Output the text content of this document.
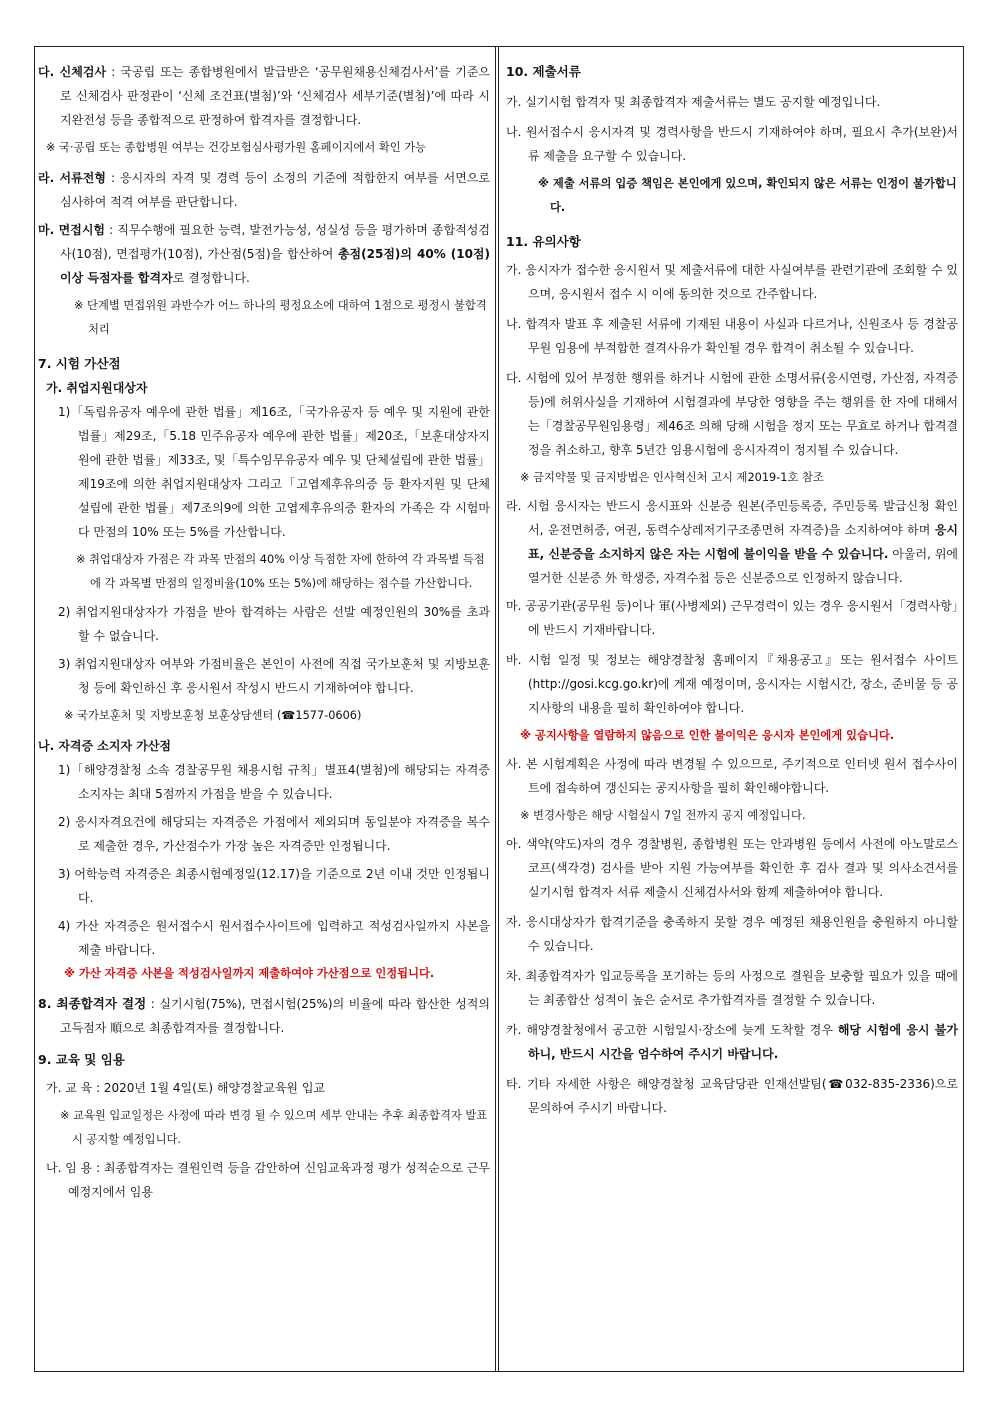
다. 신체검사 : 국공립 또는 종합병원에서 발급받은 ‘공무원채용신체검사서’를 기준으로 신체검사 판정관이 ‘신체 조건표(별첨)’와 ‘신체검사 세부기준(별첨)’에 따라 시지완전성 등을 종합적으로 판정하여 합격자를 결정합니다.

※ 국·공립 또는 종합병원 여부는 건강보험심사평가원 홈페이지에서 확인 가능

라. 서류전형 : 응시자의 자격 및 경력 등이 소정의 기준에 적합한지 여부를 서면으로 심사하여 적격 여부를 판단합니다.

마. 면접시험 : 직무수행에 필요한 능력, 발전가능성, 성실성 등을 평가하며 종합적성검사(10점), 면접평가(10점), 가산점(5점)을 합산하여 총점(25점)의 40% (10점)이상 득점자를 합격자로 결정합니다.

※ 단계별 면접위원 과반수가 어느 하나의 평정요소에 대하여 1점으로 평정시 불합격처리

7. 시험 가산점

가. 취업지원대상자

1)「독립유공자 예우에 관한 법률」제16조,「국가유공자 등 예우 및 지원에 관한 법률」제29조,「5.18 민주유공자 예우에 관한 법률」제20조,「보훈대상자지원에 관한 법률」제33조, 및「특수임무유공자 예우 및 단체설립에 관한 법률」제19조에 의한 취업지원대상자 그리고「고엽제후유의증 등 환자지원 및 단체설립에 관한 법률」제7조의9에 의한 고엽제후유의증 환자의 가족은 각 시험마다 만점의 10% 또는 5%를 가산합니다.

※ 취업대상자 가점은 각 과목 만점의 40% 이상 득점한 자에 한하여 각 과목별 득점에 각 과목별 만점의 일정비율(10% 또는 5%)에 해당하는 점수를 가산합니다.

2) 취업지원대상자가 가점을 받아 합격하는 사람은 선발 예정인원의 30%를 초과할 수 없습니다.

3) 취업지원대상자 여부와 가점비율은 본인이 사전에 직접 국가보훈처 및 지방보훈청 등에 확인하신 후 응시원서 작성시 반드시 기재하여야 합니다.

※ 국가보훈처 및 지방보훈청 보훈상담센터 (☎1577-0606)

나. 자격증 소지자 가산점

1)「해양경찰청 소속 경찰공무원 채용시험 규칙」별표4(별첨)에 해당되는 자격증 소지자는 최대 5점까지 가점을 받을 수 있습니다.

2) 응시자격요건에 해당되는 자격증은 가점에서 제외되며 동일분야 자격증을 복수로 제출한 경우, 가산점수가 가장 높은 자격증만 인정됩니다.

3) 어학능력 자격증은 최종시험예정일(12.17)을 기준으로 2년 이내 것만 인정됩니다.

4) 가산 자격증은 원서접수시 원서접수사이트에 입력하고 적성검사일까지 사본을 제출 바랍니다.

※ 가산 자격증 사본을 적성검사일까지 제출하여야 가산점으로 인정됩니다.

8. 최종합격자 결정 : 실기시험(75%), 면접시험(25%)의 비율에 따라 합산한 성적의 고득점자 順으로 최종합격자를 결정합니다.

9. 교육 및 임용

가. 교 육 : 2020년 1월 4일(토) 해양경찰교육원 입교

※ 교육원 입교일정은 사정에 따라 변경 될 수 있으며 세부 안내는 추후 최종합격자 발표시 공지할 예정입니다.

나. 임 용 : 최종합격자는 결원인력 등을 감안하여 신임교육과정 평가 성적순으로 근무예정지에서 임용

10. 제출서류

가. 실기시험 합격자 및 최종합격자 제출서류는 별도 공지할 예정입니다.

나. 원서접수시 응시자격 및 경력사항을 반드시 기재하여야 하며, 필요시 추가(보완)서류 제출을 요구할 수 있습니다.

※ 제출 서류의 입증 책임은 본인에게 있으며, 확인되지 않은 서류는 인정이 불가합니다.

11. 유의사항

가. 응시자가 접수한 응시원서 및 제출서류에 대한 사실여부를 관련기관에 조회할 수 있으며, 응시원서 접수 시 이에 동의한 것으로 간주합니다.

나. 합격자 발표 후 제출된 서류에 기재된 내용이 사실과 다르거나, 신원조사 등 경찰공무원 임용에 부적합한 결격사유가 확인될 경우 합격이 취소될 수 있습니다.

다. 시험에 있어 부정한 행위를 하거나 시험에 관한 소명서류(응시연령, 가산점, 자격증 등)에 허위사실을 기재하여 시험결과에 부당한 영향을 주는 행위를 한 자에 대해서는「경찰공무원임용령」제46조 의해 당해 시험을 정지 또는 무효로 하거나 합격결정을 취소하고, 향후 5년간 임용시험에 응시자격이 정지될 수 있습니다.

※ 금지약물 및 금지방법은 인사혁신처 고시 제2019-1호 참조

라. 시험 응시자는 반드시 응시표와 신분증 원본(주민등록증, 주민등록 발급신청 확인서, 운전면허증, 여권, 동력수상레저기구조종면허 자격증)을 소지하여야 하며 응시표, 신분증을 소지하지 않은 자는 시험에 불이익을 받을 수 있습니다. 아울러, 위에 열거한 신분증 外 학생증, 자격수첩 등은 신분증으로 인정하지 않습니다.

마. 공공기관(공무원 등)이나 軍(사병제외) 근무경력이 있는 경우 응시원서「경력사항」에 반드시 기재바랍니다.

바. 시험 일정 및 정보는 해양경찰청 홈페이지『채용공고』또는 원서접수 사이트(http://gosi.kcg.go.kr)에 게재 예정이며, 응시자는 시험시간, 장소, 준비물 등 공지사항의 내용을 필히 확인하여야 합니다.

※ 공지사항을 열람하지 않음으로 인한 불이익은 응시자 본인에게 있습니다.

사. 본 시험계획은 사정에 따라 변경될 수 있으므로, 주기적으로 인터넷 원서 접수사이트에 접속하여 갱신되는 공지사항을 필히 확인해야합니다.

※ 변경사항은 해당 시험실시 7일 전까지 공지 예정입니다.

아. 색약(약도)자의 경우 경찰병원, 종합병원 또는 안과병원 등에서 사전에 아노말로스코프(색각경) 검사를 받아 지원 가능여부를 확인한 후 검사 결과 및 의사소견서를 실기시험 합격자 서류 제출시 신체검사서와 함께 제출하여야 합니다.

자. 응시대상자가 합격기준을 충족하지 못할 경우 예정된 채용인원을 충원하지 아니할 수 있습니다.

차. 최종합격자가 입교등록을 포기하는 등의 사정으로 결원을 보충할 필요가 있을 때에는 최종합산 성적이 높은 순서로 추가합격자를 결정할 수 있습니다.

카. 해양경찰청에서 공고한 시험일시·장소에 늦게 도착할 경우 해당 시험에 응시 불가하니, 반드시 시간을 엄수하여 주시기 바랍니다.

타. 기타 자세한 사항은 해양경찰청 교육담당관 인재선발팀(☎032-835-2336)으로 문의하여 주시기 바랍니다.
